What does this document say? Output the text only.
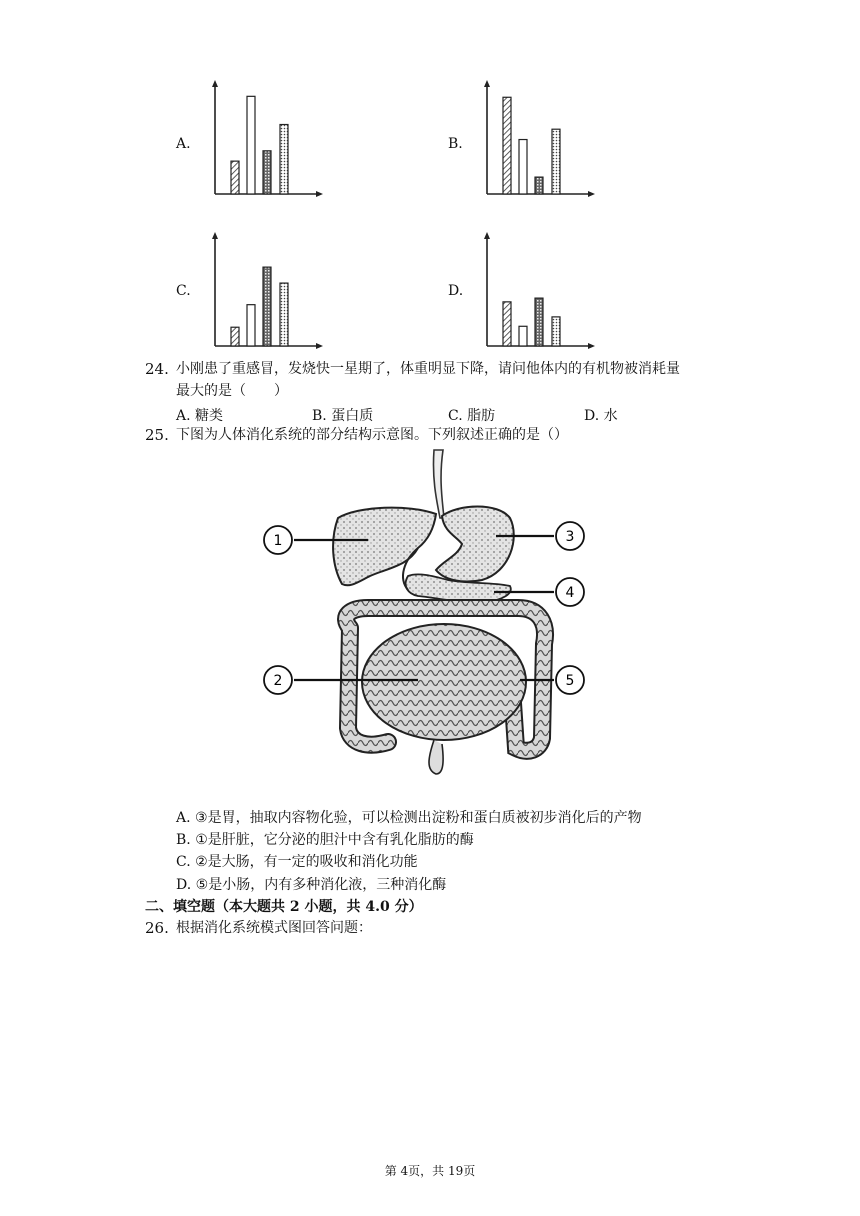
A.	B.
C.	D.
24. 小刚患了重感冒，发烧快一星期了，体重明显下降，请问他体内的有机物被消耗量
最大的是（　　）
A. 糖类	B. 蛋白质	C. 脂肪	D. 水
25. 下图为人体消化系统的部分结构示意图。下列叙述正确的是（）
1
2
3
4
5
A. ③是胃，抽取内容物化验，可以检测出淀粉和蛋白质被初步消化后的产物
B. ①是肝脏，它分泌的胆汁中含有乳化脂肪的酶
C. ②是大肠，有一定的吸收和消化功能
D. ⑤是小肠，内有多种消化液，三种消化酶
二、填空题（本大题共 2 小题，共 4.0 分）
26. 根据消化系统模式图回答问题：
第 4页，共 19页
